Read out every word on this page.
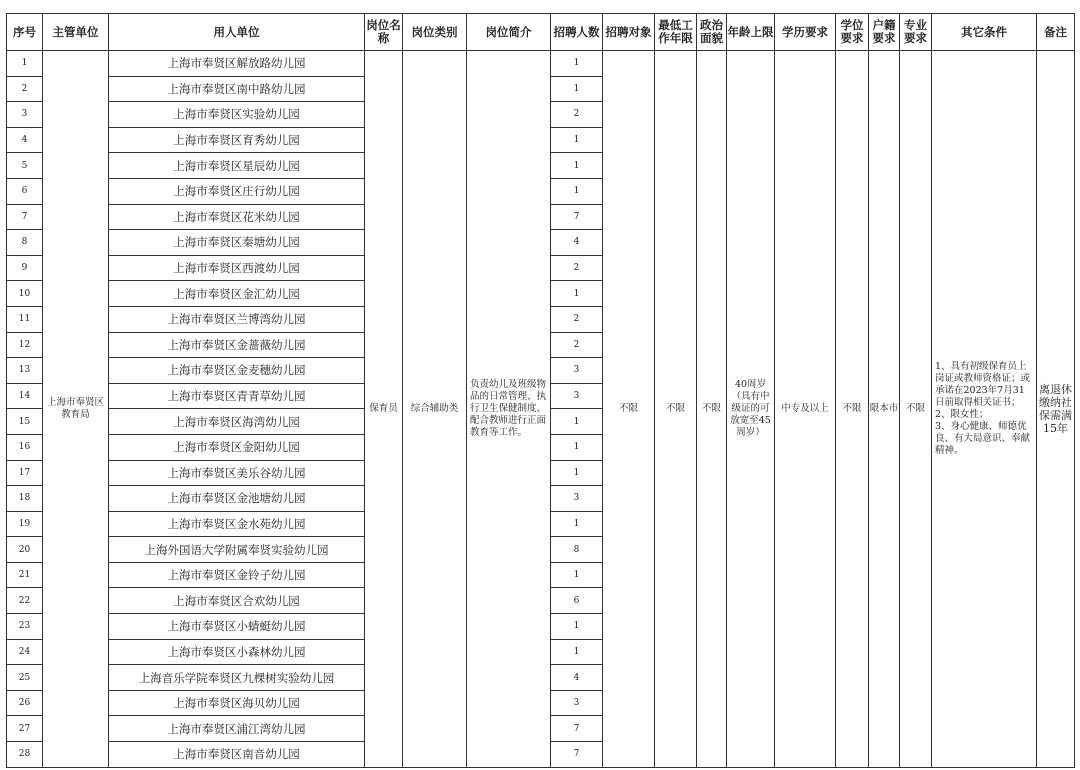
序号	主管单位	用人单位	岗位名称	岗位类别	岗位简介	招聘人数	招聘对象	最低工作年限	政治面貌	年龄上限	学历要求	学位要求	户籍要求	专业要求	其它条件	备注
1	上海市奉贤区教育局	上海市奉贤区解放路幼儿园	保育员	综合辅助类	负责幼儿及班级物品的日常管理、执行卫生保健制度、配合教师进行正面教育等工作。	1	不限	不限	不限	40周岁（具有中级证的可放宽至45周岁）	中专及以上	不限	限本市	不限	1、具有初级保育员上岗证或教师资格证；或承诺在2023年7月31日前取得相关证书；
2、限女性；
3、身心健康、师德优良、有大局意识、奉献精神。	离退休缴纳社保需满15年
2		上海市奉贤区南中路幼儿园				1										
3		上海市奉贤区实验幼儿园				2										
4		上海市奉贤区育秀幼儿园				1										
5		上海市奉贤区星辰幼儿园				1										
6		上海市奉贤区庄行幼儿园				1										
7		上海市奉贤区花米幼儿园				7										
8		上海市奉贤区秦塘幼儿园				4										
9		上海市奉贤区西渡幼儿园				2										
10		上海市奉贤区金汇幼儿园				1										
11		上海市奉贤区兰博湾幼儿园				2										
12		上海市奉贤区金蔷薇幼儿园				2										
13		上海市奉贤区金麦穗幼儿园				3										
14		上海市奉贤区青青草幼儿园				3										
15		上海市奉贤区海湾幼儿园				1										
16		上海市奉贤区金阳幼儿园				1										
17		上海市奉贤区美乐谷幼儿园				1										
18		上海市奉贤区金池塘幼儿园				3										
19		上海市奉贤区金水苑幼儿园				1										
20		上海外国语大学附属奉贤实验幼儿园				8										
21		上海市奉贤区金铃子幼儿园				1										
22		上海市奉贤区合欢幼儿园				6										
23		上海市奉贤区小蜻蜓幼儿园				1										
24		上海市奉贤区小森林幼儿园				1										
25		上海音乐学院奉贤区九棵树实验幼儿园				4										
26		上海市奉贤区海贝幼儿园				3										
27		上海市奉贤区浦江湾幼儿园				7										
28		上海市奉贤区南音幼儿园				7										
